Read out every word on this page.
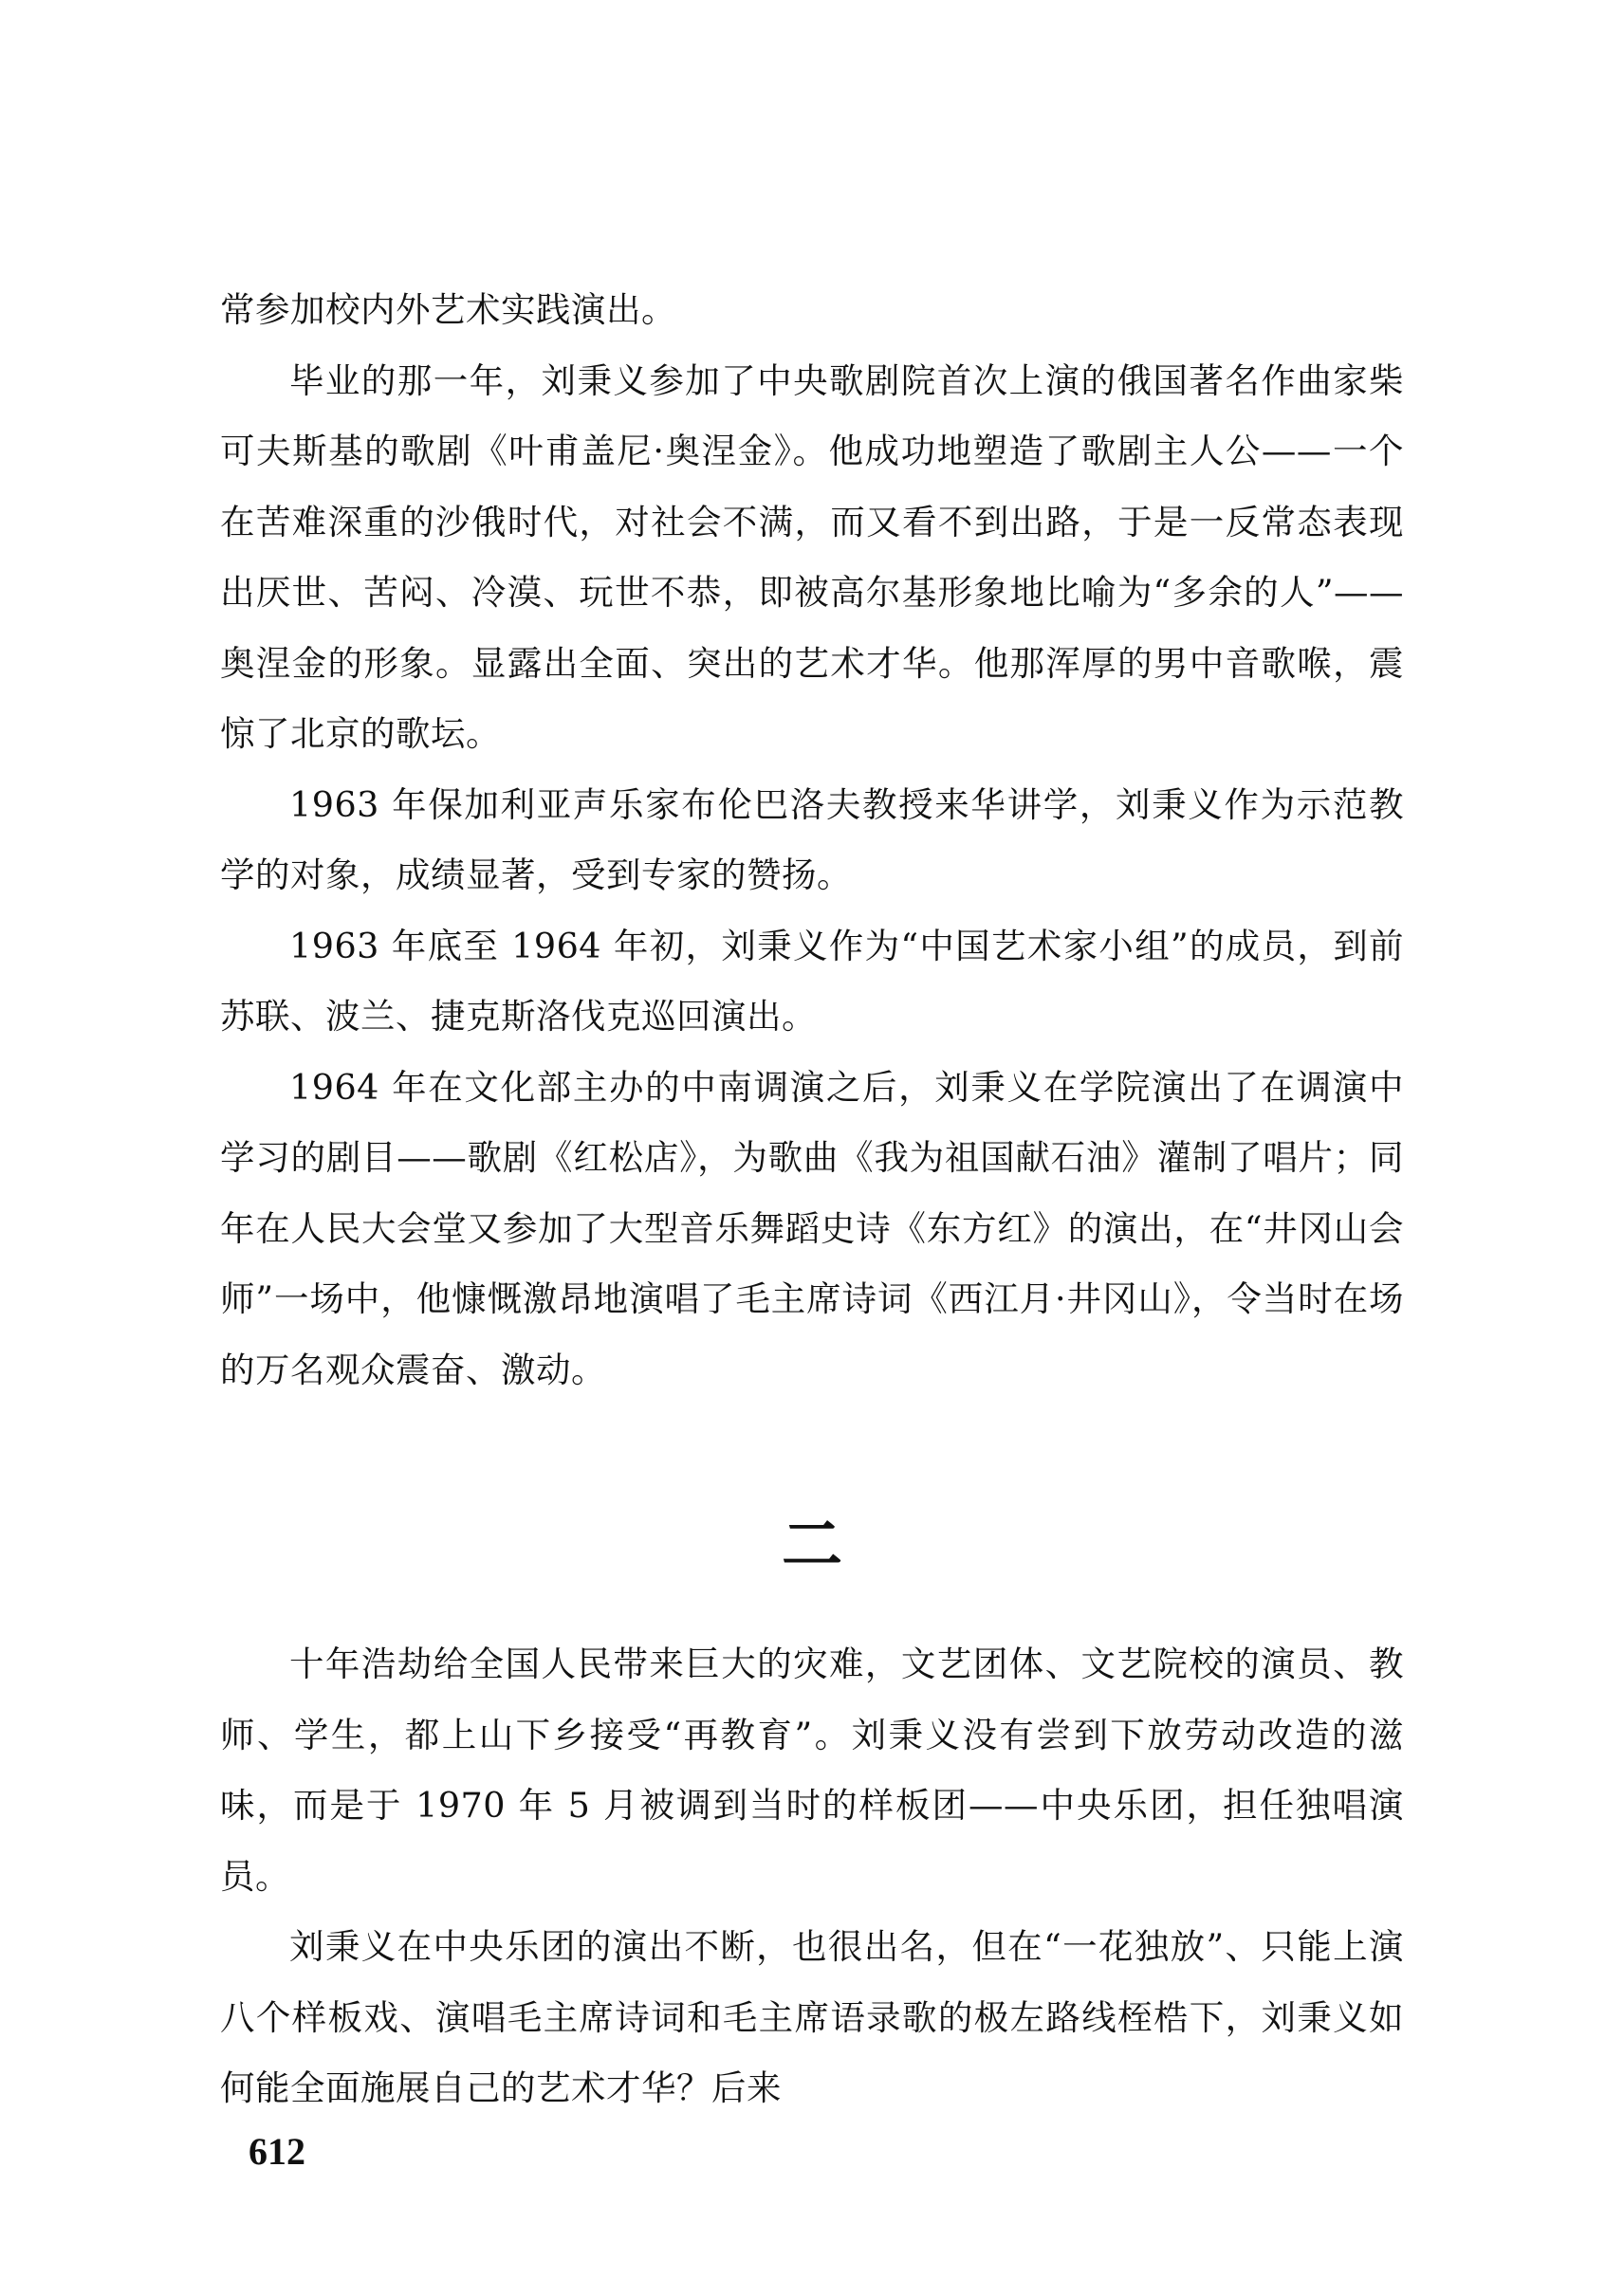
常参加校内外艺术实践演出。

毕业的那一年，刘秉义参加了中央歌剧院首次上演的俄国著名作曲家柴可夫斯基的歌剧《叶甫盖尼·奥涅金》。他成功地塑造了歌剧主人公——一个在苦难深重的沙俄时代，对社会不满，而又看不到出路，于是一反常态表现出厌世、苦闷、冷漠、玩世不恭，即被高尔基形象地比喻为“多余的人”——奥涅金的形象。显露出全面、突出的艺术才华。他那浑厚的男中音歌喉，震惊了北京的歌坛。

1963 年保加利亚声乐家布伦巴洛夫教授来华讲学，刘秉义作为示范教学的对象，成绩显著，受到专家的赞扬。

1963 年底至 1964 年初，刘秉义作为“中国艺术家小组”的成员，到前苏联、波兰、捷克斯洛伐克巡回演出。

1964 年在文化部主办的中南调演之后，刘秉义在学院演出了在调演中学习的剧目——歌剧《红松店》，为歌曲《我为祖国献石油》灌制了唱片；同年在人民大会堂又参加了大型音乐舞蹈史诗《东方红》的演出，在“井冈山会师”一场中，他慷慨激昂地演唱了毛主席诗词《西江月·井冈山》，令当时在场的万名观众震奋、激动。

二

十年浩劫给全国人民带来巨大的灾难，文艺团体、文艺院校的演员、教师、学生，都上山下乡接受“再教育”。刘秉义没有尝到下放劳动改造的滋味，而是于 1970 年 5 月被调到当时的样板团——中央乐团，担任独唱演员。

刘秉义在中央乐团的演出不断，也很出名，但在“一花独放”、只能上演八个样板戏、演唱毛主席诗词和毛主席语录歌的极左路线桎梏下，刘秉义如何能全面施展自己的艺术才华？后来

612
